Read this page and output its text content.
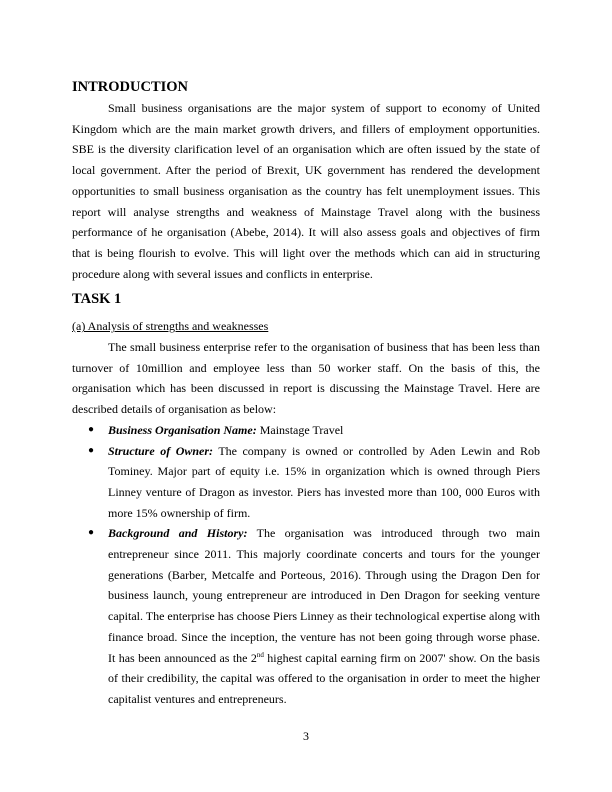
INTRODUCTION

Small business organisations are the major system of support to economy of United Kingdom which are the main market growth drivers, and fillers of employment opportunities. SBE is the diversity clarification level of an organisation which are often issued by the state of local government. After the period of Brexit, UK government has rendered the development opportunities to small business organisation as the country has felt unemployment issues. This report will analyse strengths and weakness of Mainstage Travel along with the business performance of he organisation (Abebe, 2014). It will also assess goals and objectives of firm that is being flourish to evolve. This will light over the methods which can aid in structuring procedure along with several issues and conflicts in enterprise.

TASK 1

(a) Analysis of strengths and weaknesses

The small business enterprise refer to the organisation of business that has been less than turnover of 10million and employee less than 50 worker staff. On the basis of this, the organisation which has been discussed in report is discussing the Mainstage Travel. Here are described details of organisation as below:

● Business Organisation Name: Mainstage Travel
● Structure of Owner: The company is owned or controlled by Aden Lewin and Rob Tominey. Major part of equity i.e. 15% in organization which is owned through Piers Linney venture of Dragon as investor. Piers has invested more than 100, 000 Euros with more 15% ownership of firm.
● Background and History: The organisation was introduced through two main entrepreneur since 2011. This majorly coordinate concerts and tours for the younger generations (Barber, Metcalfe and Porteous, 2016). Through using the Dragon Den for business launch, young entrepreneur are introduced in Den Dragon for seeking venture capital. The enterprise has choose Piers Linney as their technological expertise along with finance broad. Since the inception, the venture has not been going through worse phase. It has been announced as the 2nd highest capital earning firm on 2007' show. On the basis of their credibility, the capital was offered to the organisation in order to meet the higher capitalist ventures and entrepreneurs.
3
